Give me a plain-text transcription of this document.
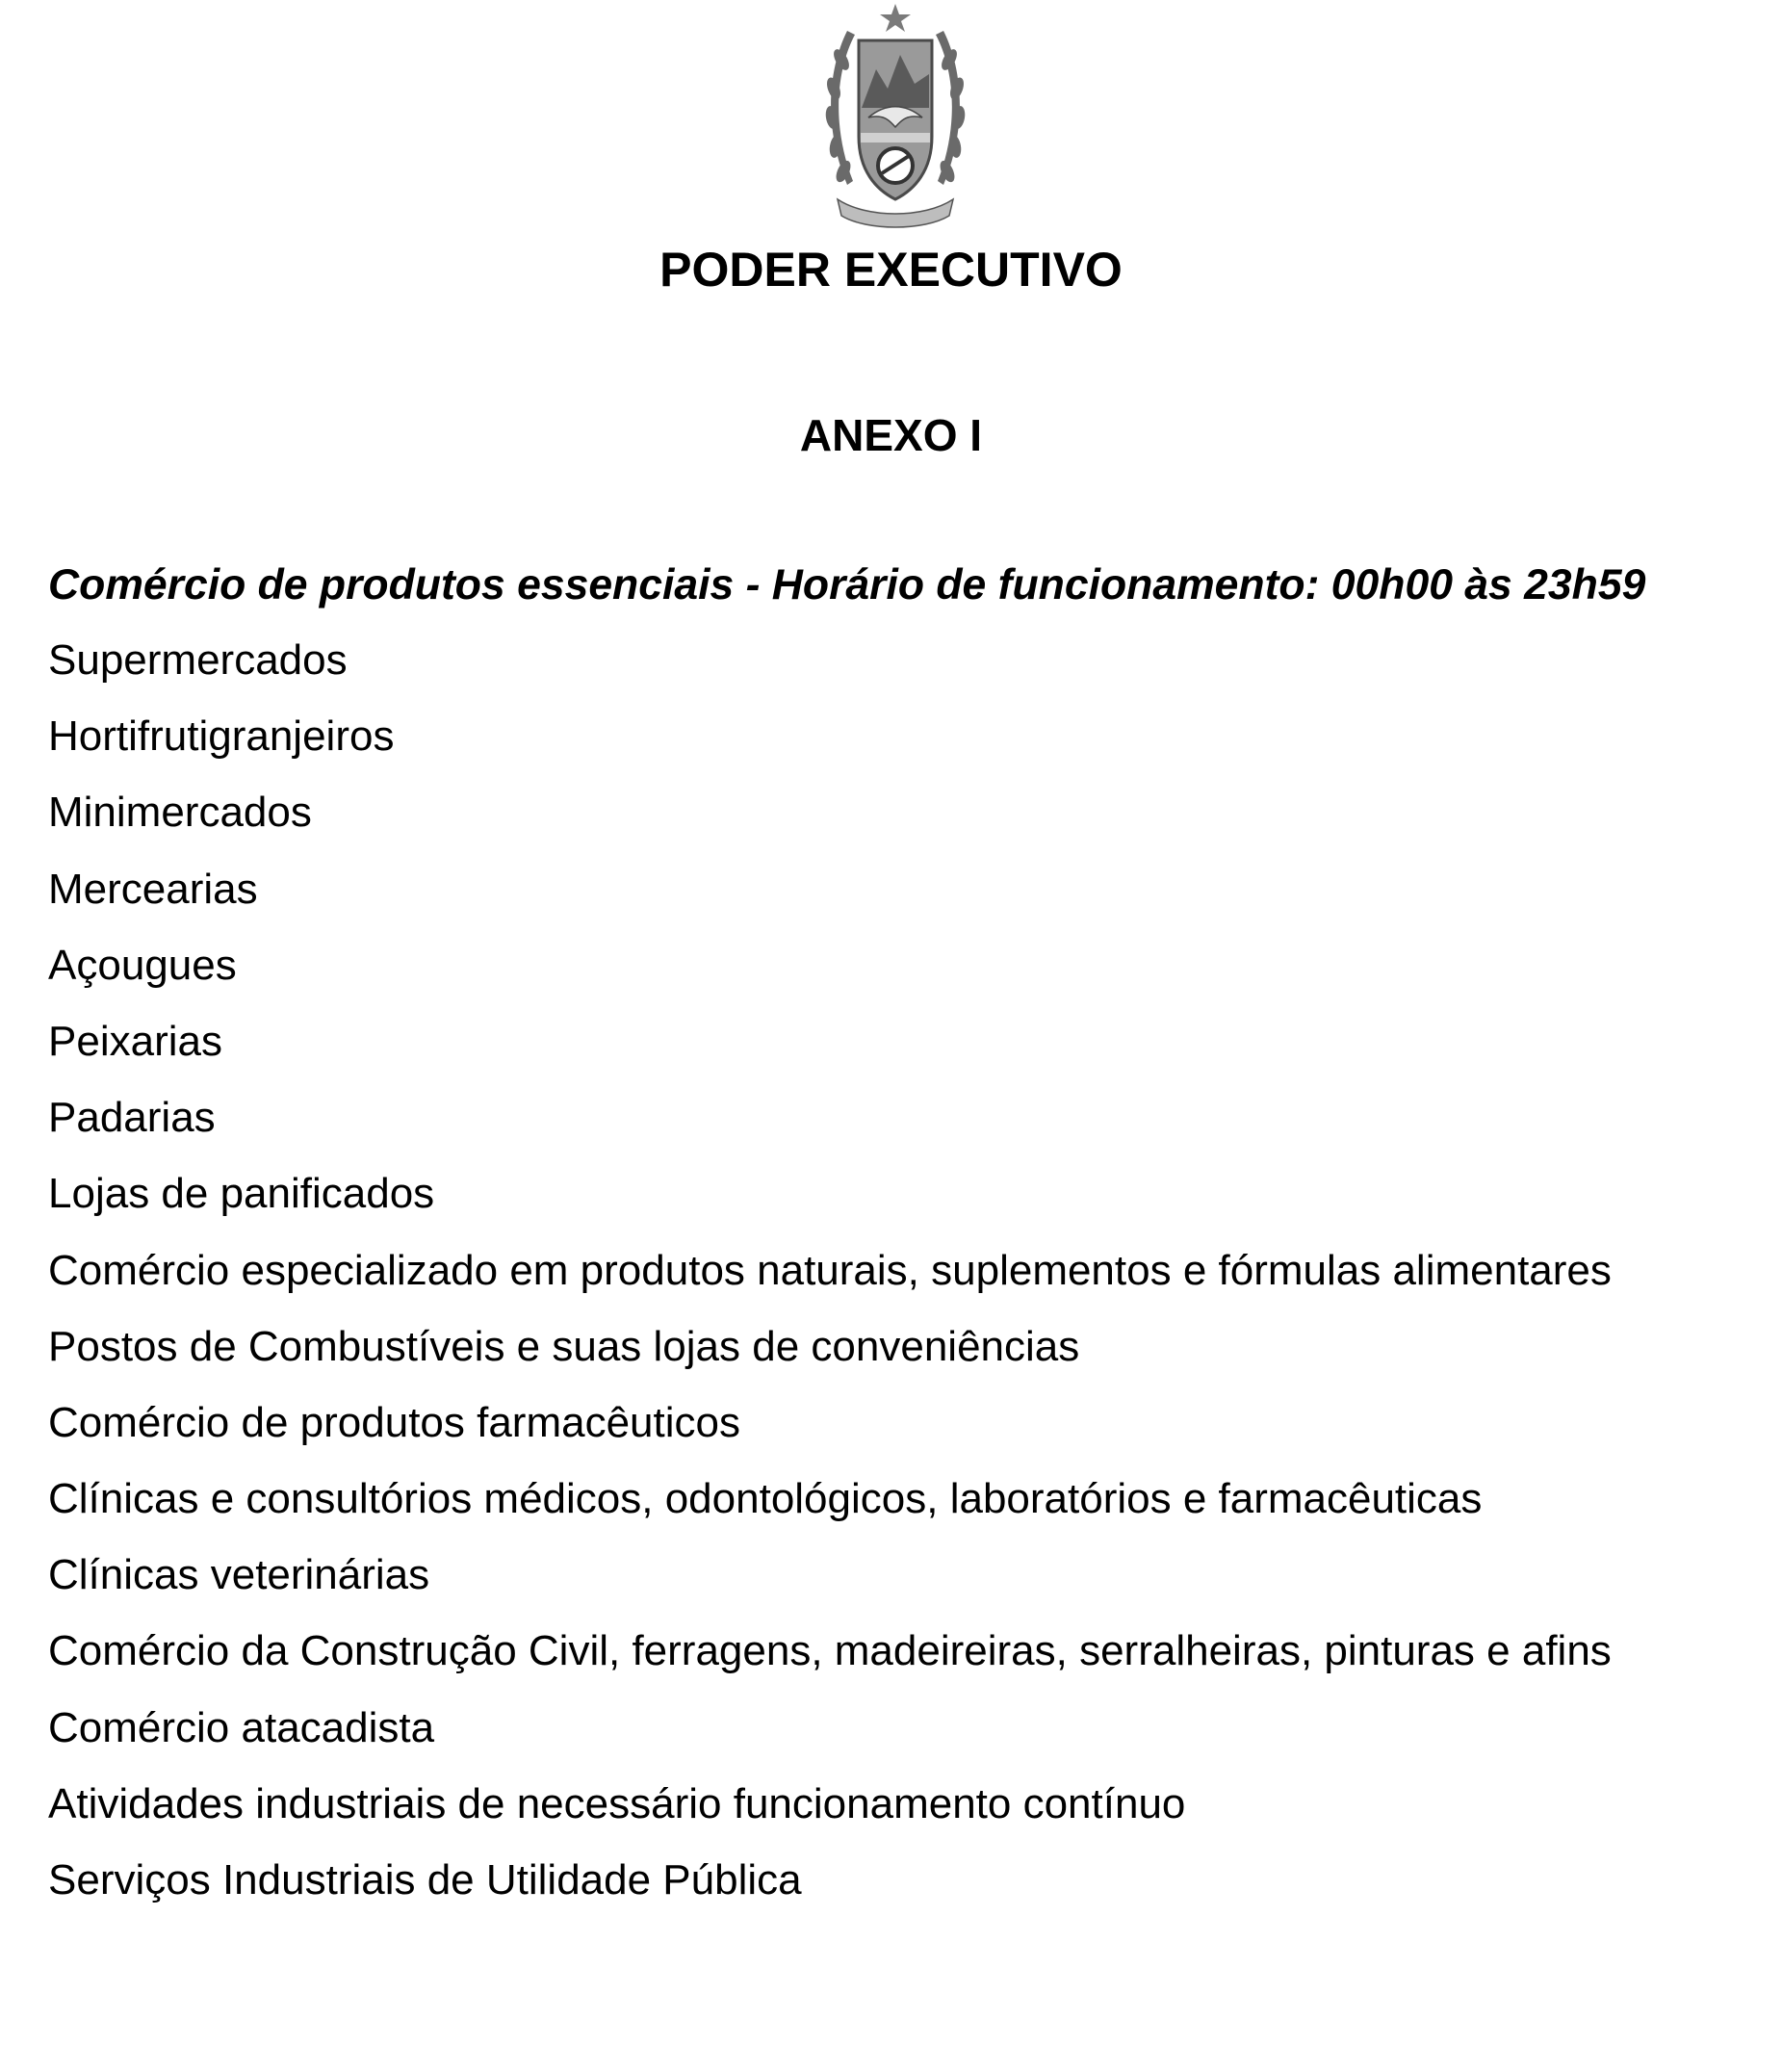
PODER EXECUTIVO
ANEXO I

Comércio de produtos essenciais - Horário de funcionamento: 00h00 às 23h59

Supermercados
Hortifrutigranjeiros
Minimercados
Mercearias
Açougues
Peixarias
Padarias
Lojas de panificados
Comércio especializado em produtos naturais, suplementos e fórmulas alimentares
Postos de Combustíveis e suas lojas de conveniências
Comércio de produtos farmacêuticos
Clínicas e consultórios médicos, odontológicos, laboratórios e farmacêuticas
Clínicas veterinárias
Comércio da Construção Civil, ferragens, madeireiras, serralheiras, pinturas e afins
Comércio atacadista
Atividades industriais de necessário funcionamento contínuo
Serviços Industriais de Utilidade Pública
